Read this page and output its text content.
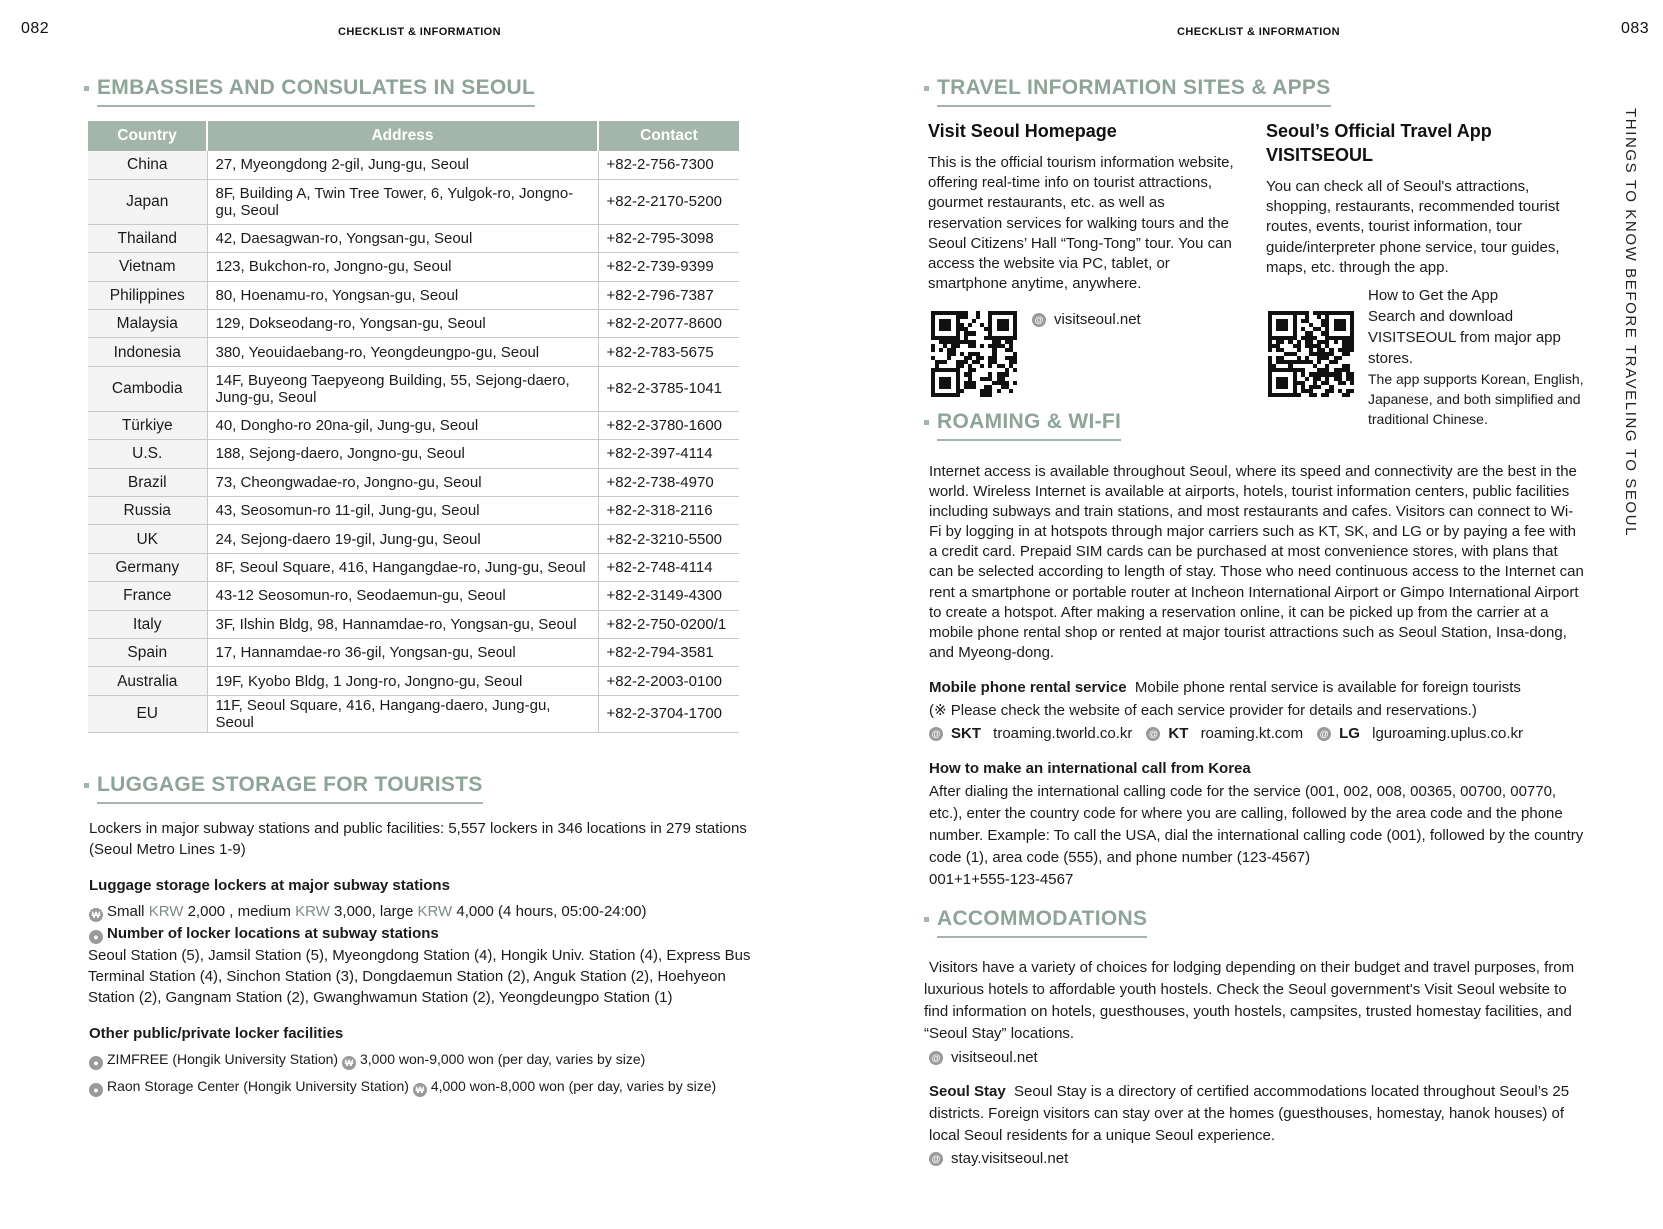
082	083
CHECKLIST & INFORMATION	CHECKLIST & INFORMATION
THINGS TO KNOW BEFORE TRAVELING TO SEOUL
EMBASSIES AND CONSULATES IN SEOUL
Country	Address	Contact
China	27, Myeongdong 2-gil, Jung-gu, Seoul	+82-2-756-7300
Japan	8F, Building A, Twin Tree Tower, 6, Yulgok-ro, Jongno-gu, Seoul	+82-2-2170-5200
Thailand	42, Daesagwan-ro, Yongsan-gu, Seoul	+82-2-795-3098
Vietnam	123, Bukchon-ro, Jongno-gu, Seoul	+82-2-739-9399
Philippines	80, Hoenamu-ro, Yongsan-gu, Seoul	+82-2-796-7387
Malaysia	129, Dokseodang-ro, Yongsan-gu, Seoul	+82-2-2077-8600
Indonesia	380, Yeouidaebang-ro, Yeongdeungpo-gu, Seoul	+82-2-783-5675
Cambodia	14F, Buyeong Taepyeong Building, 55, Sejong-daero, Jung-gu, Seoul	+82-2-3785-1041
Türkiye	40, Dongho-ro 20na-gil, Jung-gu, Seoul	+82-2-3780-1600
U.S.	188, Sejong-daero, Jongno-gu, Seoul	+82-2-397-4114
Brazil	73, Cheongwadae-ro, Jongno-gu, Seoul	+82-2-738-4970
Russia	43, Seosomun-ro 11-gil, Jung-gu, Seoul	+82-2-318-2116
UK	24, Sejong-daero 19-gil, Jung-gu, Seoul	+82-2-3210-5500
Germany	8F, Seoul Square, 416, Hangangdae-ro, Jung-gu, Seoul	+82-2-748-4114
France	43-12 Seosomun-ro, Seodaemun-gu, Seoul	+82-2-3149-4300
Italy	3F, Ilshin Bldg, 98, Hannamdae-ro, Yongsan-gu, Seoul	+82-2-750-0200/1
Spain	17, Hannamdae-ro 36-gil, Yongsan-gu, Seoul	+82-2-794-3581
Australia	19F, Kyobo Bldg, 1 Jong-ro, Jongno-gu, Seoul	+82-2-2003-0100
EU	11F, Seoul Square, 416, Hangang-daero, Jung-gu, Seoul	+82-2-3704-1700
LUGGAGE STORAGE FOR TOURISTS
Lockers in major subway stations and public facilities: 5,557 lockers in 346 locations in 279 stations (Seoul Metro Lines 1-9)
Luggage storage lockers at major subway stations
₩ Small KRW 2,000 , medium KRW 3,000, large KRW 4,000 (4 hours, 05:00-24:00)
● Number of locker locations at subway stations
Seoul Station (5), Jamsil Station (5), Myeongdong Station (4), Hongik Univ. Station (4), Express Bus Terminal Station (4), Sinchon Station (3), Dongdaemun Station (2), Anguk Station (2), Hoehyeon Station (2), Gangnam Station (2), Gwanghwamun Station (2), Yeongdeungpo Station (1)
Other public/private locker facilities
● ZIMFREE (Hongik University Station) ₩ 3,000 won-9,000 won (per day, varies by size)
● Raon Storage Center (Hongik University Station) ₩ 4,000 won-8,000 won (per day, varies by size)
TRAVEL INFORMATION SITES & APPS
Visit Seoul Homepage
This is the official tourism information website, offering real-time info on tourist attractions, gourmet restaurants, etc. as well as reservation services for walking tours and the Seoul Citizens’ Hall “Tong-Tong” tour. You can access the website via PC, tablet, or smartphone anytime, anywhere.
@ visitseoul.net
Seoul’s Official Travel App
VISITSEOUL
You can check all of Seoul's attractions, shopping, restaurants, recommended tourist routes, events, tourist information, tour guide/interpreter phone service, tour guides, maps, etc. through the app.
How to Get the App
Search and download VISITSEOUL from major app stores.
The app supports Korean, English, Japanese, and both simplified and traditional Chinese.
ROAMING & WI-FI
Internet access is available throughout Seoul, where its speed and connectivity are the best in the world. Wireless Internet is available at airports, hotels, tourist information centers, public facilities including subways and train stations, and most restaurants and cafes. Visitors can connect to Wi-Fi by logging in at hotspots through major carriers such as KT, SK, and LG or by paying a fee with a credit card. Prepaid SIM cards can be purchased at most convenience stores, with plans that can be selected according to length of stay. Those who need continuous access to the Internet can rent a smartphone or portable router at Incheon International Airport or Gimpo International Airport to create a hotspot. After making a reservation online, it can be picked up from the carrier at a mobile phone rental shop or rented at major tourist attractions such as Seoul Station, Insa-dong, and Myeong-dong.
Mobile phone rental service Mobile phone rental service is available for foreign tourists
(※ Please check the website of each service provider for details and reservations.)
@ SKT
troaming.tworld.co.kr @ KT
roaming.kt.com @ LG
lguroaming.uplus.co.kr
How to make an international call from Korea
After dialing the international calling code for the service (001, 002, 008, 00365, 00700, 00770, etc.), enter the country code for where you are calling, followed by the area code and the phone number. Example: To call the USA, dial the international calling code (001), followed by the country code (1), area code (555), and phone number (123-4567)
001+1+555-123-4567
ACCOMMODATIONS
Visitors have a variety of choices for lodging depending on their budget and travel purposes, from luxurious hotels to affordable youth hostels. Check the Seoul government's Visit Seoul website to find information on hotels, guesthouses, youth hostels, campsites, trusted homestay facilities, and “Seoul Stay” locations.
@ visitseoul.net
Seoul Stay Seoul Stay is a directory of certified accommodations located throughout Seoul’s 25 districts. Foreign visitors can stay over at the homes (guesthouses, homestay, hanok houses) of local Seoul residents for a unique Seoul experience.
@ stay.visitseoul.net
